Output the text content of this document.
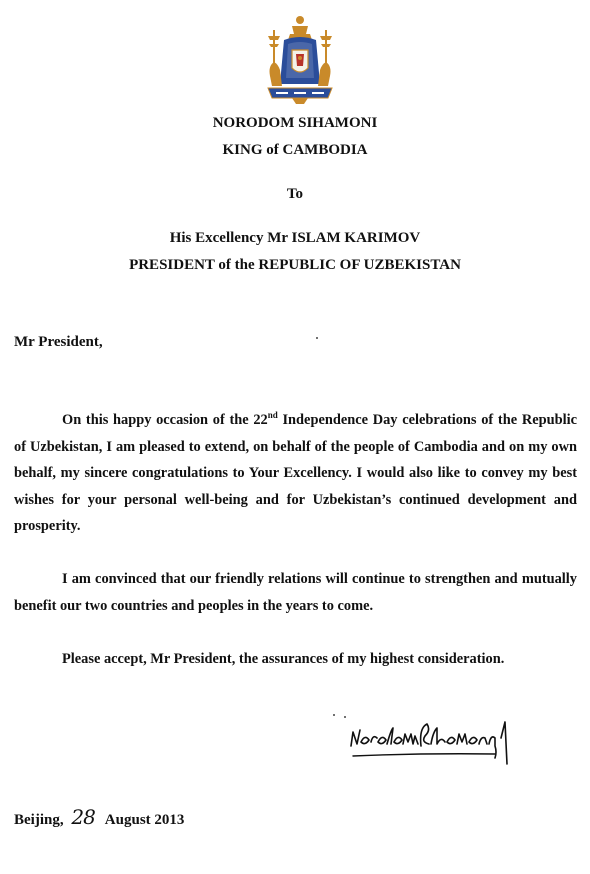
NORODOM SIHAMONI

KING of CAMBODIA

To

His Excellency Mr ISLAM KARIMOV

PRESIDENT of the REPUBLIC OF UZBEKISTAN

Mr President,

On this happy occasion of the 22nd Independence Day celebrations of the Republic of Uzbekistan, I am pleased to extend, on behalf of the people of Cambodia and on my own behalf, my sincere congratulations to Your Excellency. I would also like to convey my best wishes for your personal well-being and for Uzbekistan’s continued development and prosperity.

I am convinced that our friendly relations will continue to strengthen and mutually benefit our two countries and peoples in the years to come.

Please accept, Mr President, the assurances of my highest consideration.

Beijing, 28 August 2013
